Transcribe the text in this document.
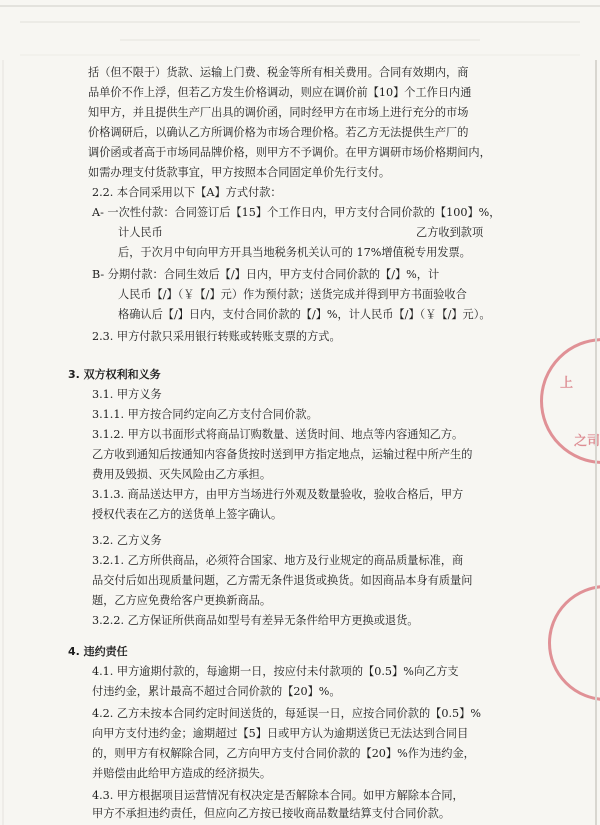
括（但不限于）货款、运输上门费、税金等所有相关费用。合同有效期内，商
品单价不作上浮，但若乙方发生价格调动，则应在调价前【10】个工作日内通
知甲方，并且提供生产厂出具的调价函，同时经甲方在市场上进行充分的市场
价格调研后，以确认乙方所调价格为市场合理价格。若乙方无法提供生产厂的
调价函或者高于市场同品牌价格，则甲方不予调价。在甲方调研市场价格期间内，
如需办理支付货款事宜，甲方按照本合同固定单价先行支付。
2.2. 本合同采用以下【A】方式付款：
A- 一次性付款：合同签订后【15】个工作日内，甲方支付合同价款的【100】%，
计人民币	乙方收到款项
后，于次月中旬向甲方开具当地税务机关认可的 17%增值税专用发票。
B- 分期付款：合同生效后【/】日内，甲方支付合同价款的【/】%，计
人民币【/】（￥【/】元）作为预付款；送货完成并得到甲方书面验收合
格确认后【/】日内，支付合同价款的【/】%，计人民币【/】（￥【/】元）。
2.3. 甲方付款只采用银行转账或转账支票的方式。
3. 双方权利和义务
3.1. 甲方义务
3.1.1. 甲方按合同约定向乙方支付合同价款。
3.1.2. 甲方以书面形式将商品订购数量、送货时间、地点等内容通知乙方。
乙方收到通知后按通知内容备货按时送到甲方指定地点，运输过程中所产生的
费用及毁损、灭失风险由乙方承担。
3.1.3. 商品送达甲方，由甲方当场进行外观及数量验收，验收合格后，甲方
授权代表在乙方的送货单上签字确认。
3.2. 乙方义务
3.2.1. 乙方所供商品，必须符合国家、地方及行业规定的商品质量标准，商
品交付后如出现质量问题，乙方需无条件退货或换货。如因商品本身有质量问
题，乙方应免费给客户更换新商品。
3.2.2. 乙方保证所供商品如型号有差异无条件给甲方更换或退货。
4. 违约责任
4.1. 甲方逾期付款的，每逾期一日，按应付未付款项的【0.5】%向乙方支
付违约金，累计最高不超过合同价款的【20】%。
4.2. 乙方未按本合同约定时间送货的，每延误一日，应按合同价款的【0.5】%
向甲方支付违约金；逾期超过【5】日或甲方认为逾期送货已无法达到合同目
的，则甲方有权解除合同，乙方向甲方支付合同价款的【20】%作为违约金，
并赔偿由此给甲方造成的经济损失。
4.3. 甲方根据项目运营情况有权决定是否解除本合同。如甲方解除本合同，
甲方不承担违约责任，但应向乙方按已接收商品数量结算支付合同价款。
上
之司
